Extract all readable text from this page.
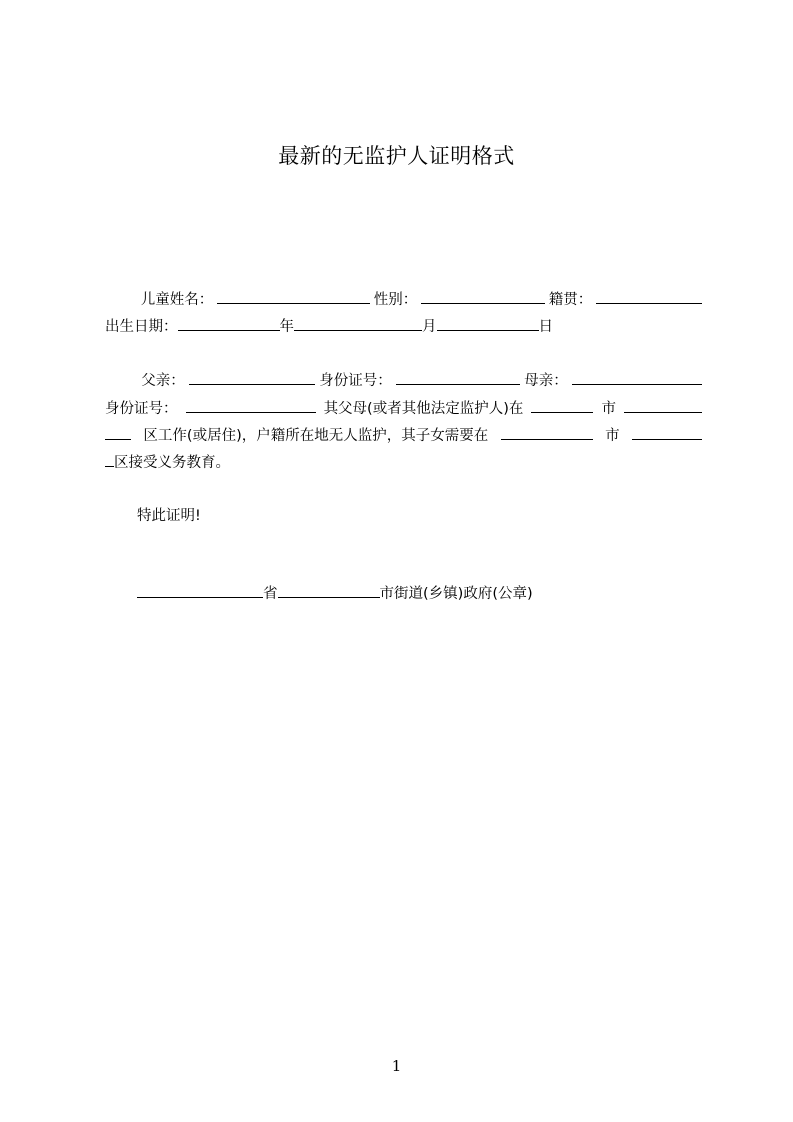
最新的无监护人证明格式
儿童姓名：	性别：	籍贯：
出生日期：	年	月	日
父亲：	身份证号：	母亲：
身份证号：	其父母(或者其他法定监护人)在	市
区工作(或居住)，户籍所在地无人监护，其子女需要在	市
区接受义务教育。
特此证明!
省	市街道(乡镇)政府(公章)
1
